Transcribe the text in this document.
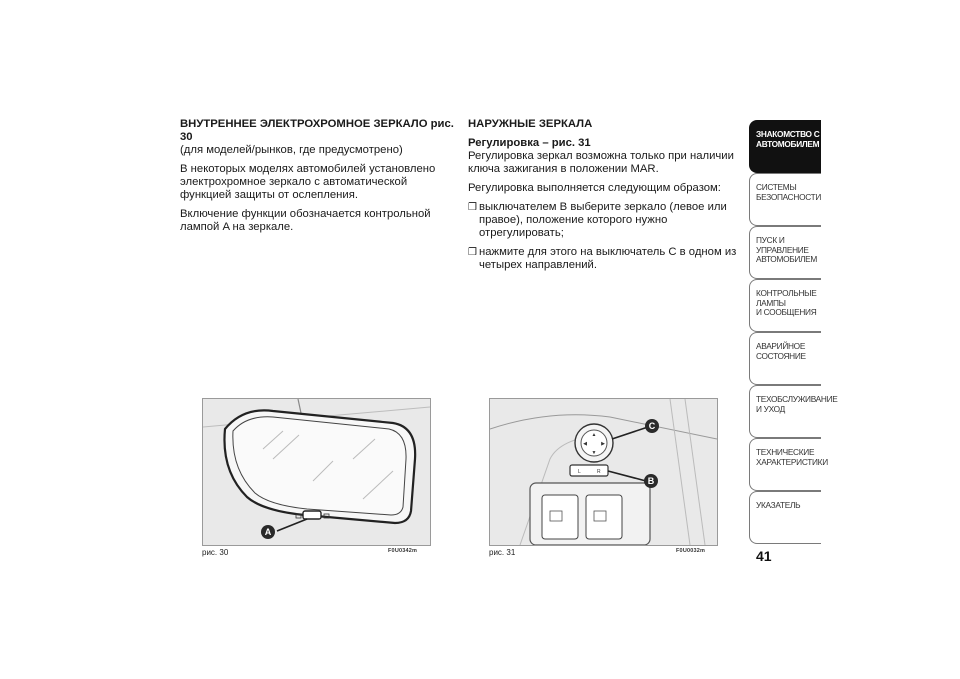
ВНУТРЕННЕЕ ЭЛЕКТРОХРОМНОЕ ЗЕРКАЛО рис. 30

(для моделей/рынков, где предусмотрено)

В некоторых моделях автомобилей установлено электрохромное зеркало с автоматической функцией защиты от ослепления.

Включение функции обозначается контрольной лампой A на зеркале.

НАРУЖНЫЕ ЗЕРКАЛА

Регулировка – рис. 31

Регулировка зеркал возможна только при наличии ключа зажигания в положении MAR.

Регулировка выполняется следующим образом:

❒ выключателем B выберите зеркало (левое или правое), положение которого нужно отрегулировать;
❒ нажмите для этого на выключатель C в одном из четырех направлений.
A
рис. 30	F0U0342m
▲
▼
◀	▶
L	R
C
B
рис. 31	F0U0032m
ЗНАКОМСТВО С
АВТОМОБИЛЕМ
СИСТЕМЫ
БЕЗОПАСНОСТИ
ПУСК И УПРАВЛЕНИЕ
АВТОМОБИЛЕМ
КОНТРОЛЬНЫЕ
ЛАМПЫ
И СООБЩЕНИЯ
АВАРИЙНОЕ
СОСТОЯНИЕ
ТЕХОБСЛУЖИВАНИЕ
И УХОД
ТЕХНИЧЕСКИЕ
ХАРАКТЕРИСТИКИ
УКАЗАТЕЛЬ
41
